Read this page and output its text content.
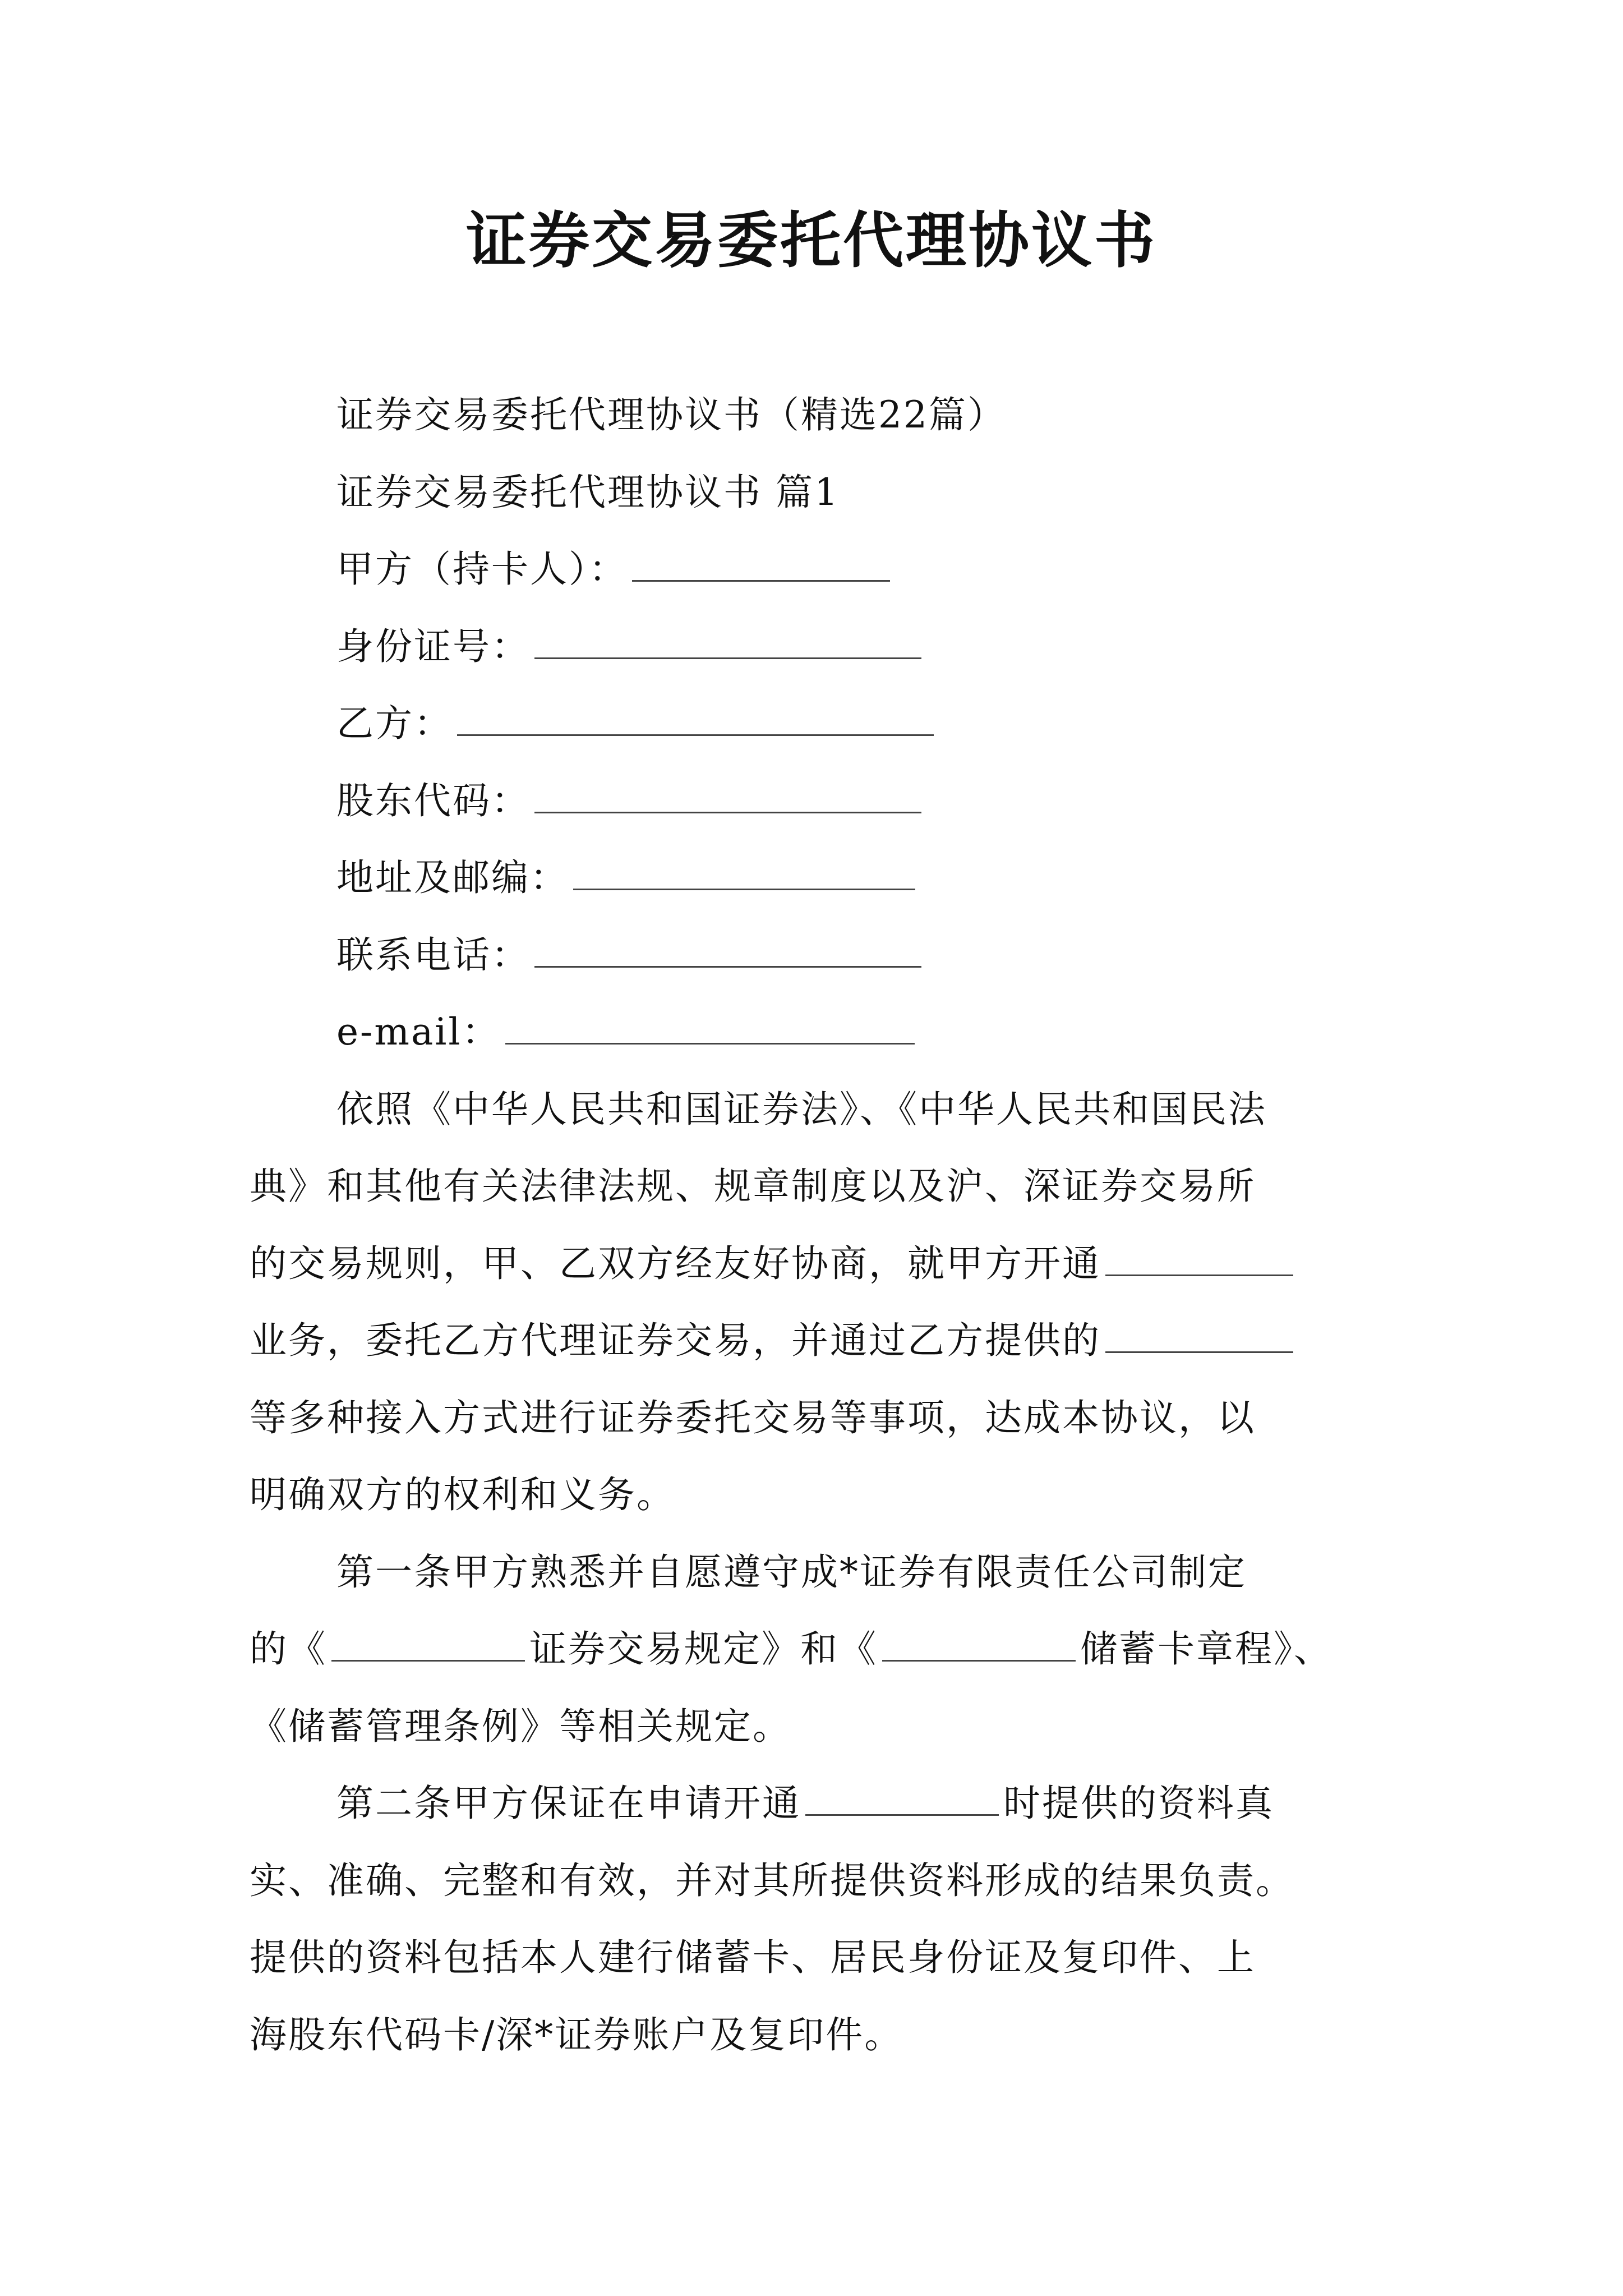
证券交易委托代理协议书
证券交易委托代理协议书（精选22篇）
证券交易委托代理协议书 篇1
甲方（持卡人）：
身份证号：
乙方：
股东代码：
地址及邮编：
联系电话：
e-mail：
依照《中华人民共和国证券法》、《中华人民共和国民法
典》和其他有关法律法规、规章制度以及沪、深证券交易所
的交易规则，甲、乙双方经友好协商，就甲方开通
业务，委托乙方代理证券交易，并通过乙方提供的
等多种接入方式进行证券委托交易等事项，达成本协议，以
明确双方的权利和义务。
第一条甲方熟悉并自愿遵守成*证券有限责任公司制定
的《	证券交易规定》和《	储蓄卡章程》、
《储蓄管理条例》等相关规定。
第二条甲方保证在申请开通	时提供的资料真
实、准确、完整和有效，并对其所提供资料形成的结果负责。
提供的资料包括本人建行储蓄卡、居民身份证及复印件、上
海股东代码卡/深*证券账户及复印件。
